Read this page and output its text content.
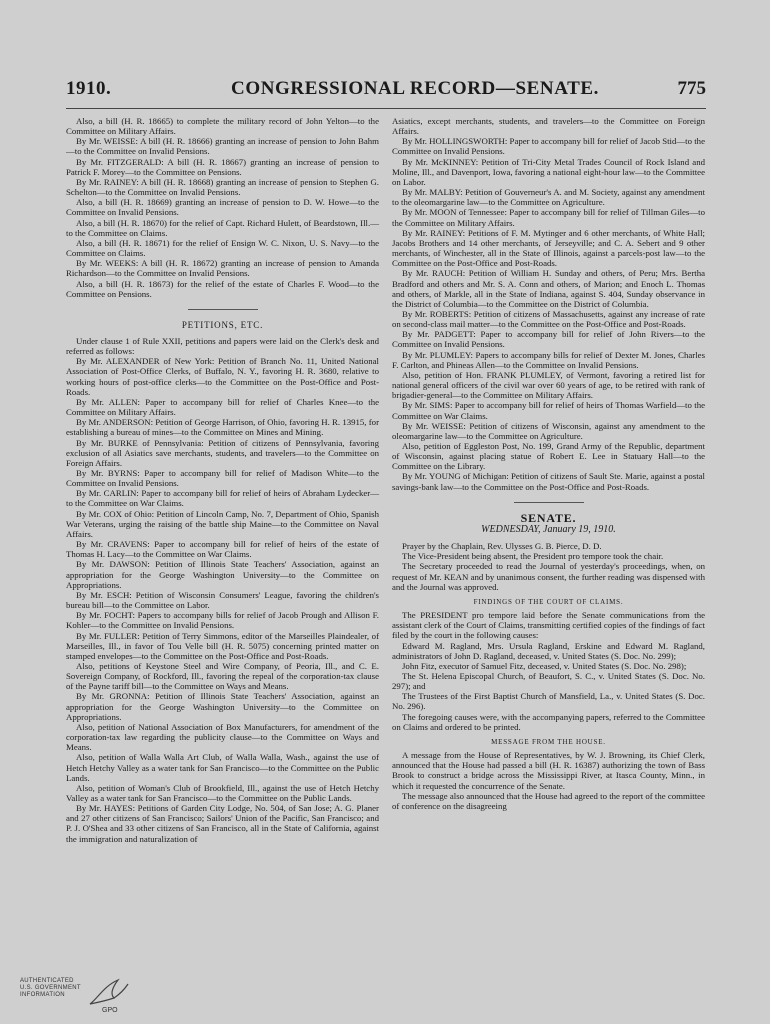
1910.	CONGRESSIONAL RECORD—SENATE.	775

Also, a bill (H. R. 18665) to complete the military record of John Yelton—to the Committee on Military Affairs.

By Mr. WEISSE: A bill (H. R. 18666) granting an increase of pension to John Bahm—to the Committee on Invalid Pensions.

By Mr. FITZGERALD: A bill (H. R. 18667) granting an increase of pension to Patrick F. Morey—to the Committee on Pensions.

By Mr. RAINEY: A bill (H. R. 18668) granting an increase of pension to Stephen G. Schelton—to the Committee on Invalid Pensions.

Also, a bill (H. R. 18669) granting an increase of pension to D. W. Howe—to the Committee on Invalid Pensions.

Also, a bill (H. R. 18670) for the relief of Capt. Richard Hulett, of Beardstown, Ill.—to the Committee on Claims.

Also, a bill (H. R. 18671) for the relief of Ensign W. C. Nixon, U. S. Navy—to the Committee on Claims.

By Mr. WEEKS: A bill (H. R. 18672) granting an increase of pension to Amanda Richardson—to the Committee on Invalid Pensions.

Also, a bill (H. R. 18673) for the relief of the estate of Charles F. Wood—to the Committee on Pensions.

PETITIONS, ETC.

Under clause 1 of Rule XXII, petitions and papers were laid on the Clerk's desk and referred as follows:

By Mr. ALEXANDER of New York: Petition of Branch No. 11, United National Association of Post-Office Clerks, of Buffalo, N. Y., favoring H. R. 3680, relative to working hours of post-office clerks—to the Committee on the Post-Office and Post-Roads.

By Mr. ALLEN: Paper to accompany bill for relief of Charles Knee—to the Committee on Military Affairs.

By Mr. ANDERSON: Petition of George Harrison, of Ohio, favoring H. R. 13915, for establishing a bureau of mines—to the Committee on Mines and Mining.

By Mr. BURKE of Pennsylvania: Petition of citizens of Pennsylvania, favoring exclusion of all Asiatics save merchants, students, and travelers—to the Committee on Foreign Affairs.

By Mr. BYRNS: Paper to accompany bill for relief of Madison White—to the Committee on Invalid Pensions.

By Mr. CARLIN: Paper to accompany bill for relief of heirs of Abraham Lydecker—to the Committee on War Claims.

By Mr. COX of Ohio: Petition of Lincoln Camp, No. 7, Department of Ohio, Spanish War Veterans, urging the raising of the battle ship Maine—to the Committee on Naval Affairs.

By Mr. CRAVENS: Paper to accompany bill for relief of heirs of the estate of Thomas H. Lacy—to the Committee on War Claims.

By Mr. DAWSON: Petition of Illinois State Teachers' Association, against an appropriation for the George Washington University—to the Committee on Appropriations.

By Mr. ESCH: Petition of Wisconsin Consumers' League, favoring the children's bureau bill—to the Committee on Labor.

By Mr. FOCHT: Papers to accompany bills for relief of Jacob Prough and Allison F. Kohler—to the Committee on Invalid Pensions.

By Mr. FULLER: Petition of Terry Simmons, editor of the Marseilles Plaindealer, of Marseilles, Ill., in favor of Tou Velle bill (H. R. 5075) concerning printed matter on stamped envelopes—to the Committee on the Post-Office and Post-Roads.

Also, petitions of Keystone Steel and Wire Company, of Peoria, Ill., and C. E. Sovereign Company, of Rockford, Ill., favoring the repeal of the corporation-tax clause of the Payne tariff bill—to the Committee on Ways and Means.

By Mr. GRONNA: Petition of Illinois State Teachers' Association, against an appropriation for the George Washington University—to the Committee on Appropriations.

Also, petition of National Association of Box Manufacturers, for amendment of the corporation-tax law regarding the publicity clause—to the Committee on Ways and Means.

Also, petition of Walla Walla Art Club, of Walla Walla, Wash., against the use of Hetch Hetchy Valley as a water tank for San Francisco—to the Committee on the Public Lands.

Also, petition of Woman's Club of Brookfield, Ill., against the use of Hetch Hetchy Valley as a water tank for San Francisco—to the Committee on the Public Lands.

By Mr. HAYES: Petitions of Garden City Lodge, No. 504, of San Jose; A. G. Planer and 27 other citizens of San Francisco; Sailors' Union of the Pacific, San Francisco; and P. J. O'Shea and 33 other citizens of San Francisco, all in the State of California, against the immigration and naturalization of

Asiatics, except merchants, students, and travelers—to the Committee on Foreign Affairs.

By Mr. HOLLINGSWORTH: Paper to accompany bill for relief of Jacob Stid—to the Committee on Invalid Pensions.

By Mr. McKINNEY: Petition of Tri-City Metal Trades Council of Rock Island and Moline, Ill., and Davenport, Iowa, favoring a national eight-hour law—to the Committee on Labor.

By Mr. MALBY: Petition of Gouverneur's A. and M. Society, against any amendment to the oleomargarine law—to the Committee on Agriculture.

By Mr. MOON of Tennessee: Paper to accompany bill for relief of Tillman Giles—to the Committee on Military Affairs.

By Mr. RAINEY: Petitions of F. M. Mytinger and 6 other merchants, of White Hall; Jacobs Brothers and 14 other merchants, of Jerseyville; and C. A. Sebert and 9 other merchants, of Winchester, all in the State of Illinois, against a parcels-post law—to the Committee on the Post-Office and Post-Roads.

By Mr. RAUCH: Petition of William H. Sunday and others, of Peru; Mrs. Bertha Bradford and others and Mr. S. A. Conn and others, of Marion; and Enoch L. Thomas and others, of Markle, all in the State of Indiana, against S. 404, Sunday observance in the District of Columbia—to the Committee on the District of Columbia.

By Mr. ROBERTS: Petition of citizens of Massachusetts, against any increase of rate on second-class mail matter—to the Committee on the Post-Office and Post-Roads.

By Mr. PADGETT: Paper to accompany bill for relief of John Rivers—to the Committee on Invalid Pensions.

By Mr. PLUMLEY: Papers to accompany bills for relief of Dexter M. Jones, Charles F. Carlton, and Phineas Allen—to the Committee on Invalid Pensions.

Also, petition of Hon. FRANK PLUMLEY, of Vermont, favoring a retired list for national general officers of the civil war over 60 years of age, to be retired with rank of brigadier-general—to the Committee on Military Affairs.

By Mr. SIMS: Paper to accompany bill for relief of heirs of Thomas Warfield—to the Committee on War Claims.

By Mr. WEISSE: Petition of citizens of Wisconsin, against any amendment to the oleomargarine law—to the Committee on Agriculture.

Also, petition of Eggleston Post, No. 199, Grand Army of the Republic, department of Wisconsin, against placing statue of Robert E. Lee in Statuary Hall—to the Committee on the Library.

By Mr. YOUNG of Michigan: Petition of citizens of Sault Ste. Marie, against a postal savings-bank law—to the Committee on the Post-Office and Post-Roads.

SENATE.
WEDNESDAY, January 19, 1910.

Prayer by the Chaplain, Rev. Ulysses G. B. Pierce, D. D.

The Vice-President being absent, the President pro tempore took the chair.

The Secretary proceeded to read the Journal of yesterday's proceedings, when, on request of Mr. KEAN and by unanimous consent, the further reading was dispensed with and the Journal was approved.

FINDINGS OF THE COURT OF CLAIMS.

The PRESIDENT pro tempore laid before the Senate communications from the assistant clerk of the Court of Claims, transmitting certified copies of the findings of fact filed by the court in the following causes:

Edward M. Ragland, Mrs. Ursula Ragland, Erskine and Edward M. Ragland, administrators of John D. Ragland, deceased, v. United States (S. Doc. No. 299);

John Fitz, executor of Samuel Fitz, deceased, v. United States (S. Doc. No. 298);

The St. Helena Episcopal Church, of Beaufort, S. C., v. United States (S. Doc. No. 297); and

The Trustees of the First Baptist Church of Mansfield, La., v. United States (S. Doc. No. 296).

The foregoing causes were, with the accompanying papers, referred to the Committee on Claims and ordered to be printed.

MESSAGE FROM THE HOUSE.

A message from the House of Representatives, by W. J. Browning, its Chief Clerk, announced that the House had passed a bill (H. R. 16387) authorizing the town of Bass Brook to construct a bridge across the Mississippi River, at Itasca County, Minn., in which it requested the concurrence of the Senate.

The message also announced that the House had agreed to the report of the committee of conference on the disagreeing

AUTHENTICATED
U.S. GOVERNMENT
INFORMATION
GPO
